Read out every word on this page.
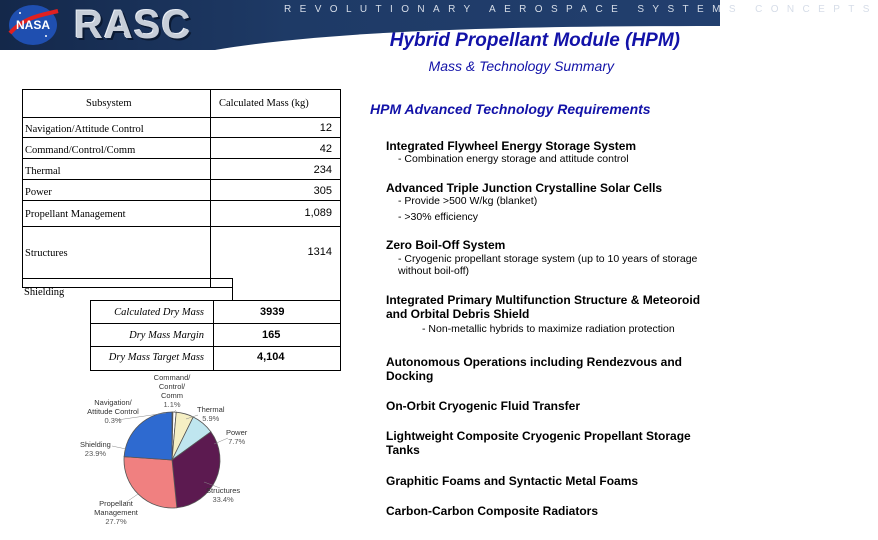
NASA RASC	REVOLUTIONARY AEROSPACE SYSTEMS CONCEPTS
Hybrid Propellant Module (HPM)
Mass & Technology Summary
Subsystem	Calculated Mass (kg)
Navigation/Attitude Control	12
Command/Control/Comm	42
Thermal	234
Power	305
Propellant Management	1,089
Structures	1314
Shielding
Calculated Dry Mass	3939
Dry Mass Margin	165
Dry Mass Target Mass	4,104
Command/ Control/ Comm
1.1%
Navigation/ Attitude Control
0.3%
Thermal
5.9%
Power
7.7%
Shielding
23.9%
Structures
33.4%
Propellant Management
27.7%
HPM Advanced Technology Requirements
Integrated Flywheel Energy Storage System
- Combination energy storage and attitude control
Advanced Triple Junction Crystalline Solar Cells
- Provide >500 W/kg (blanket)
- >30% efficiency
Zero Boil-Off System
- Cryogenic propellant storage system (up to 10 years of storage without boil-off)
Integrated Primary Multifunction Structure & Meteoroid and Orbital Debris Shield
- Non-metallic hybrids to maximize radiation protection
Autonomous Operations including Rendezvous and Docking
On-Orbit Cryogenic Fluid Transfer
Lightweight Composite Cryogenic Propellant Storage Tanks
Graphitic Foams and Syntactic Metal Foams
Carbon-Carbon Composite Radiators
